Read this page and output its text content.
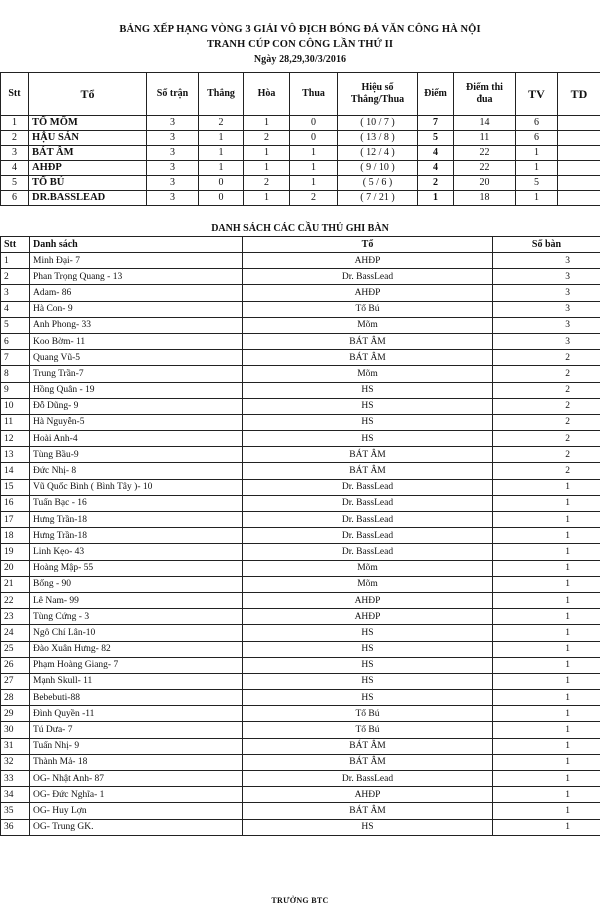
BẢNG XẾP HẠNG VÒNG 3 GIẢI VÔ ĐỊCH BÓNG ĐÁ VĂN CÔNG HÀ NỘI
TRANH CÚP CON CÔNG LẦN THỨ II
Ngày 28,29,30/3/2016
Stt	Tổ	Số trận	Thắng	Hòa	Thua	Hiệu số Thắng/Thua	Điểm	Điểm thi đua	TV	TD
1	TỔ MÕM	3	2	1	0	( 10 / 7 )	7	14	6	
2	HẬU SẢN	3	1	2	0	( 13 / 8 )	5	11	6	
3	BÁT ÂM	3	1	1	1	( 12 / 4 )	4	22	1	
4	AHĐP	3	1	1	1	( 9 / 10 )	4	22	1	
5	TỔ BÚ	3	0	2	1	( 5 / 6 )	2	20	5	
6	DR.BASSLEAD	3	0	1	2	( 7 / 21 )	1	18	1	
DANH SÁCH CÁC CẦU THỦ GHI BÀN
Stt	Danh sách	Tổ	Số bàn
1	Minh Đại- 7	AHĐP	3
2	Phan Trọng Quang - 13	Dr. BassLead	3
3	Adam- 86	AHĐP	3
4	Hà Con- 9	Tổ Bú	3
5	Anh Phong- 33	Mõm	3
6	Koo Bờm- 11	BÁT ÂM	3
7	Quang Vũ-5	BÁT ÂM	2
8	Trung Trần-7	Mõm	2
9	Hồng Quân - 19	HS	2
10	Đỗ Dũng- 9	HS	2
11	Hà Nguyễn-5	HS	2
12	Hoài Anh-4	HS	2
13	Tùng Bầu-9	BÁT ÂM	2
14	Đức Nhị- 8	BÁT ÂM	2
15	Vũ Quốc Bình ( Bình Tây )- 10	Dr. BassLead	1
16	Tuấn Bạc - 16	Dr. BassLead	1
17	Hưng Trần-18	Dr. BassLead	1
18	Hưng Trần-18	Dr. BassLead	1
19	Linh Kẹo- 43	Dr. BassLead	1
20	Hoàng Mập- 55	Mõm	1
21	Bống - 90	Mõm	1
22	Lê Nam- 99	AHĐP	1
23	Tùng Cứng - 3	AHĐP	1
24	Ngô Chí Lân-10	HS	1
25	Đào Xuân Hưng- 82	HS	1
26	Phạm Hoàng Giang- 7	HS	1
27	Mạnh Skull- 11	HS	1
28	Bebebuti-88	HS	1
29	Đình Quyền -11	Tổ Bú	1
30	Tú Dưa- 7	Tổ Bú	1
31	Tuấn Nhị- 9	BÁT ÂM	1
32	Thành Mả- 18	BÁT ÂM	1
33	OG- Nhật Anh- 87	Dr. BassLead	1
34	OG- Đức Nghĩa- 1	AHĐP	1
35	OG- Huy Lợn	BÁT ÂM	1
36	OG- Trung GK.	HS	1
TRƯỞNG BTC
